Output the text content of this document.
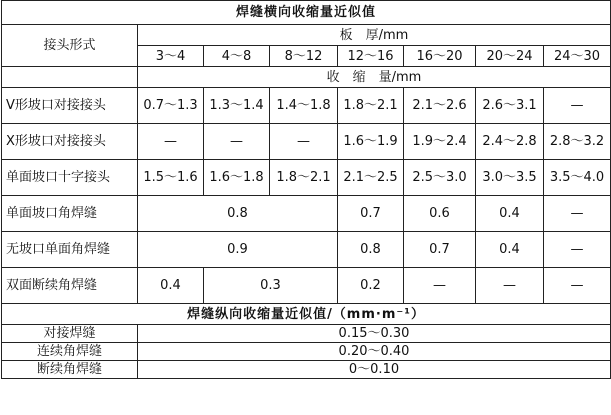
焊缝横向收缩量近似值							
接头形式	板　厚/mm						
	3～4	4～8	8～12	12～16	16～20	20～24	24～30
	收　缩　量/mm						
V形坡口对接接头	0.7～1.3	1.3～1.4	1.4～1.8	1.8～2.1	2.1～2.6	2.6～3.1	—
X形坡口对接接头	—	—	—	1.6～1.9	1.9～2.4	2.4～2.8	2.8～3.2
单面坡口十字接头	1.5～1.6	1.6～1.8	1.8～2.1	2.1～2.5	2.5～3.0	3.0～3.5	3.5～4.0
单面坡口角焊缝	0.8			0.7	0.6	0.4	—
无坡口单面角焊缝	0.9			0.8	0.7	0.4	—
双面断续角焊缝	0.4	0.3		0.2	—	—	—
焊缝纵向收缩量近似值/（mm·m⁻¹）							
对接焊缝	0.15～0.30						
连续角焊缝	0.20～0.40						
断续角焊缝	0～0.10						
